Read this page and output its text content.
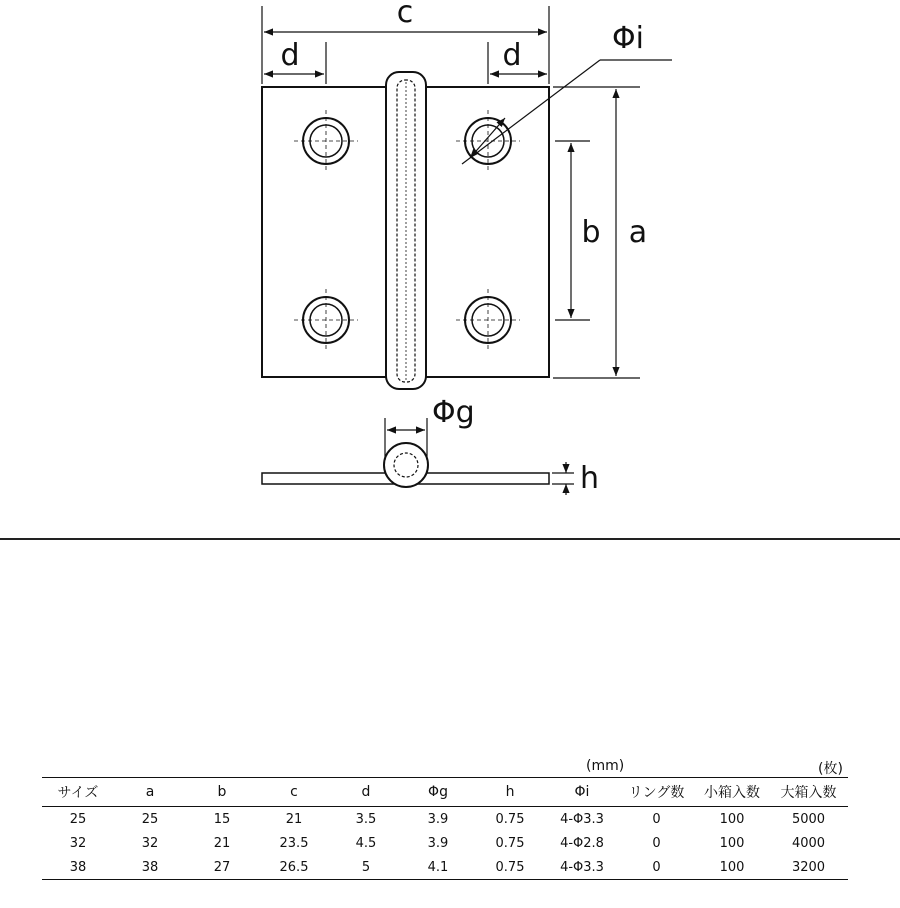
c
d	d	Φi
b a
Φg
h
(mm)	(枚)
サイズ	a	b	c	d	Φg	h	Φi	リング数	小箱入数	大箱入数
25	25	15	21	3.5	3.9	0.75	4-Φ3.3	0	100	5000
32	32	21	23.5	4.5	3.9	0.75	4-Φ2.8	0	100	4000
38	38	27	26.5	5	4.1	0.75	4-Φ3.3	0	100	3200
